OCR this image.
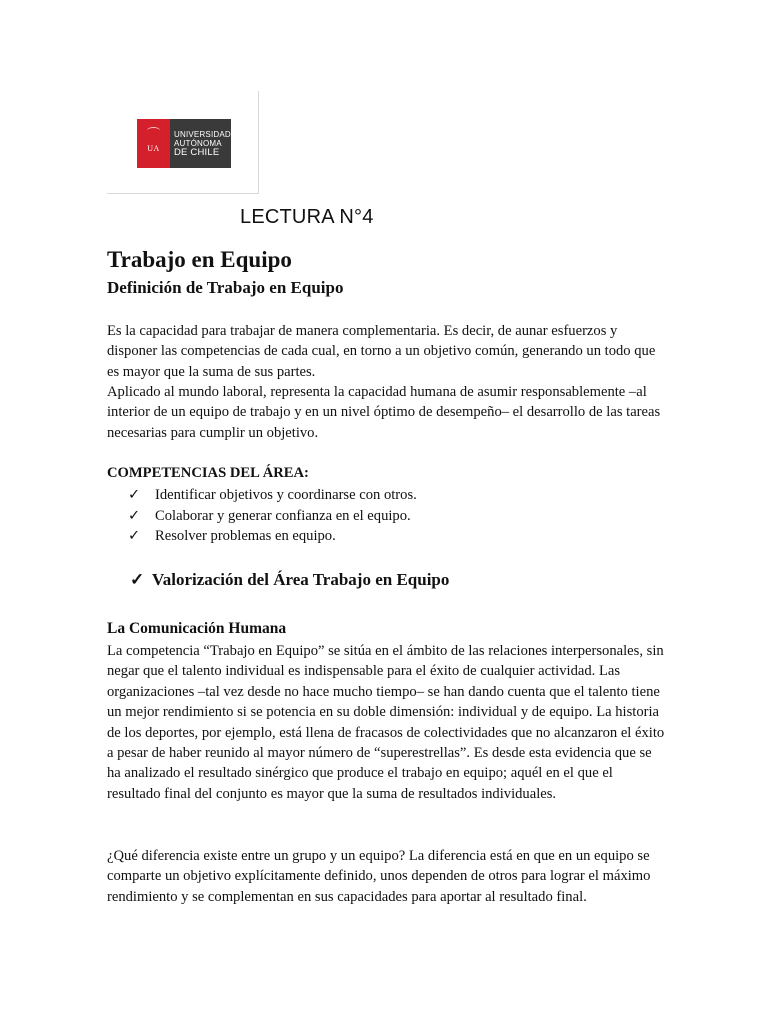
UA
UNIVERSIDAD
AUTÓNOMA
DE CHILE
LECTURA N°4
Trabajo en Equipo
Definición de Trabajo en Equipo

Es la capacidad para trabajar de manera complementaria. Es decir, de aunar esfuerzos y disponer las competencias de cada cual, en torno a un objetivo común, generando un todo que es mayor que la suma de sus partes.

Aplicado al mundo laboral, representa la capacidad humana de asumir responsablemente –al interior de un equipo de trabajo y en un nivel óptimo de desempeño– el desarrollo de las tareas necesarias para cumplir un objetivo.

COMPETENCIAS DEL ÁREA:

✓	Identificar objetivos y coordinarse con otros.
✓	Colaborar y generar confianza en el equipo.
✓	Resolver problemas en equipo.
✓ Valorización del Área Trabajo en Equipo
La Comunicación Humana

La competencia “Trabajo en Equipo” se sitúa en el ámbito de las relaciones interpersonales, sin negar que el talento individual es indispensable para el éxito de cualquier actividad. Las organizaciones –tal vez desde no hace mucho tiempo– se han dando cuenta que el talento tiene un mejor rendimiento si se potencia en su doble dimensión: individual y de equipo. La historia de los deportes, por ejemplo, está llena de fracasos de colectividades que no alcanzaron el éxito a pesar de haber reunido al mayor número de “superestrellas”. Es desde esta evidencia que se ha analizado el resultado sinérgico que produce el trabajo en equipo; aquél en el que el resultado final del conjunto es mayor que la suma de resultados individuales.

¿Qué diferencia existe entre un grupo y un equipo? La diferencia está en que en un equipo se comparte un objetivo explícitamente definido, unos dependen de otros para lograr el máximo rendimiento y se complementan en sus capacidades para aportar al resultado final.
